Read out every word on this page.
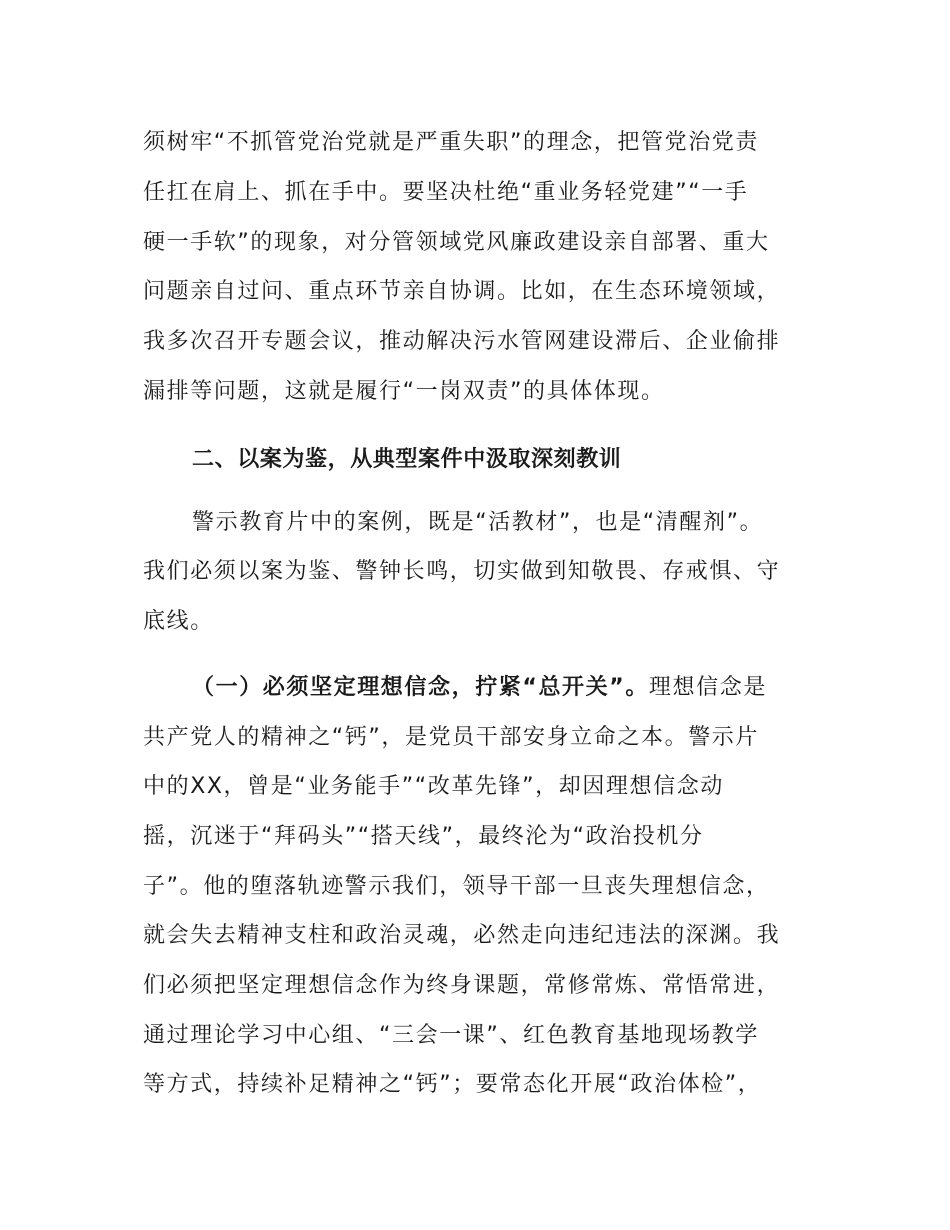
须树牢“不抓管党治党就是严重失职”的理念，把管党治党责

任扛在肩上、抓在手中。要坚决杜绝“重业务轻党建”“一手

硬一手软”的现象，对分管领域党风廉政建设亲自部署、重大

问题亲自过问、重点环节亲自协调。比如，在生态环境领域，

我多次召开专题会议，推动解决污水管网建设滞后、企业偷排

漏排等问题，这就是履行“一岗双责”的具体体现。

二、以案为鉴，从典型案件中汲取深刻教训

警示教育片中的案例，既是“活教材”，也是“清醒剂”。

我们必须以案为鉴、警钟长鸣，切实做到知敬畏、存戒惧、守

底线。

（一）必须坚定理想信念，拧紧“总开关”。理想信念是

共产党人的精神之“钙”，是党员干部安身立命之本。警示片

中的XX，曾是“业务能手”“改革先锋”，却因理想信念动

摇，沉迷于“拜码头”“搭天线”，最终沦为“政治投机分

子”。他的堕落轨迹警示我们，领导干部一旦丧失理想信念，

就会失去精神支柱和政治灵魂，必然走向违纪违法的深渊。我

们必须把坚定理想信念作为终身课题，常修常炼、常悟常进，

通过理论学习中心组、“三会一课”、红色教育基地现场教学

等方式，持续补足精神之“钙”；要常态化开展“政治体检”，
